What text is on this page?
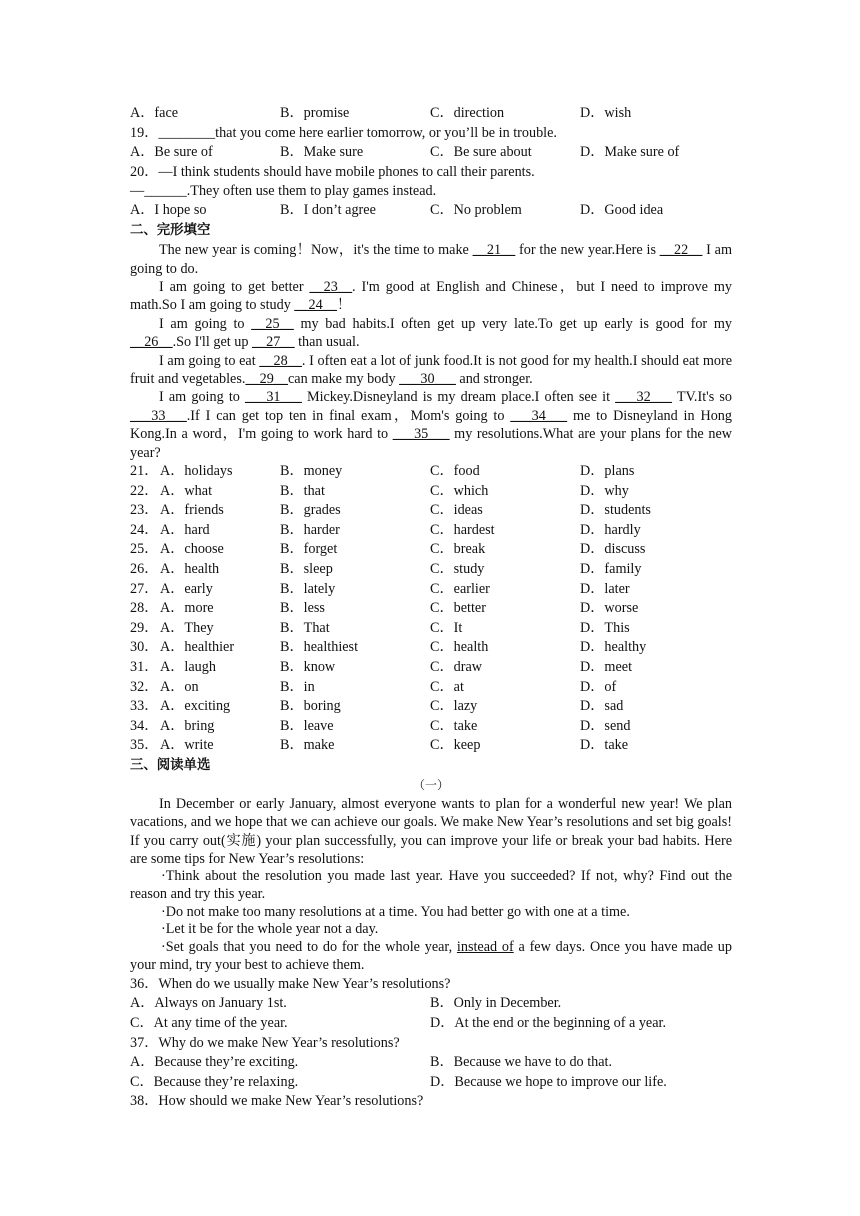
A．face	B．promise	C．direction	D．wish
19．________that you come here earlier tomorrow, or you’ll be in trouble.
A．Be sure of	B．Make sure	C．Be sure about	D．Make sure of
20．—I think students should have mobile phones to call their parents.
—______.They often use them to play games instead.
A．I hope so	B．I don’t agree	C．No problem	D．Good idea
二、完形填空
The new year is coming！Now，it's the time to make __21__ for the new year.Here is __22__ I am going to do.
I am going to get better __23__. I'm good at English and Chinese，but I need to improve my math.So I am going to study __24__！
I am going to __25__ my bad habits.I often get up very late.To get up early is good for my __26__.So I'll get up __27__ than usual.
I am going to eat __28__. I often eat a lot of junk food.It is not good for my health.I should eat more fruit and vegetables.__29__can make my body ___30___ and stronger.
I am going to ___31___ Mickey.Disneyland is my dream place.I often see it ___32___ TV.It's so ___33___.If I can get top ten in final exam，Mom's going to ___34___ me to Disneyland in Hong Kong.In a word，I'm going to work hard to ___35___ my resolutions.What are your plans for the new year?
21． A．holidays	B．money	C．food	D．plans
22． A．what	B．that	C．which	D．why
23． A．friends	B．grades	C．ideas	D．students
24． A．hard	B．harder	C．hardest	D．hardly
25． A．choose	B．forget	C．break	D．discuss
26． A．health	B．sleep	C．study	D．family
27． A．early	B．lately	C．earlier	D．later
28． A．more	B．less	C．better	D．worse
29． A．They	B．That	C．It	D．This
30． A．healthier	B．healthiest	C．health	D．healthy
31． A．laugh	B．know	C．draw	D．meet
32． A．on	B．in	C．at	D．of
33． A．exciting	B．boring	C．lazy	D．sad
34． A．bring	B．leave	C．take	D．send
35． A．write	B．make	C．keep	D．take
三、阅读单选
（一）
In December or early January, almost everyone wants to plan for a wonderful new year! We plan vacations, and we hope that we can achieve our goals. We make New Year’s resolutions and set big goals! If you carry out(实施) your plan successfully, you can improve your life or break your bad habits. Here are some tips for New Year’s resolutions:
·Think about the resolution you made last year. Have you succeeded? If not, why? Find out the reason and try this year.
·Do not make too many resolutions at a time. You had better go with one at a time.
·Let it be for the whole year not a day.
·Set goals that you need to do for the whole year, instead of a few days. Once you have made up your mind, try your best to achieve them.
36．When do we usually make New Year’s resolutions?
A．Always on January 1st.	B．Only in December.
C．At any time of the year.	D．At the end or the beginning of a year.
37．Why do we make New Year’s resolutions?
A．Because they’re exciting.	B．Because we have to do that.
C．Because they’re relaxing.	D．Because we hope to improve our life.
38．How should we make New Year’s resolutions?
